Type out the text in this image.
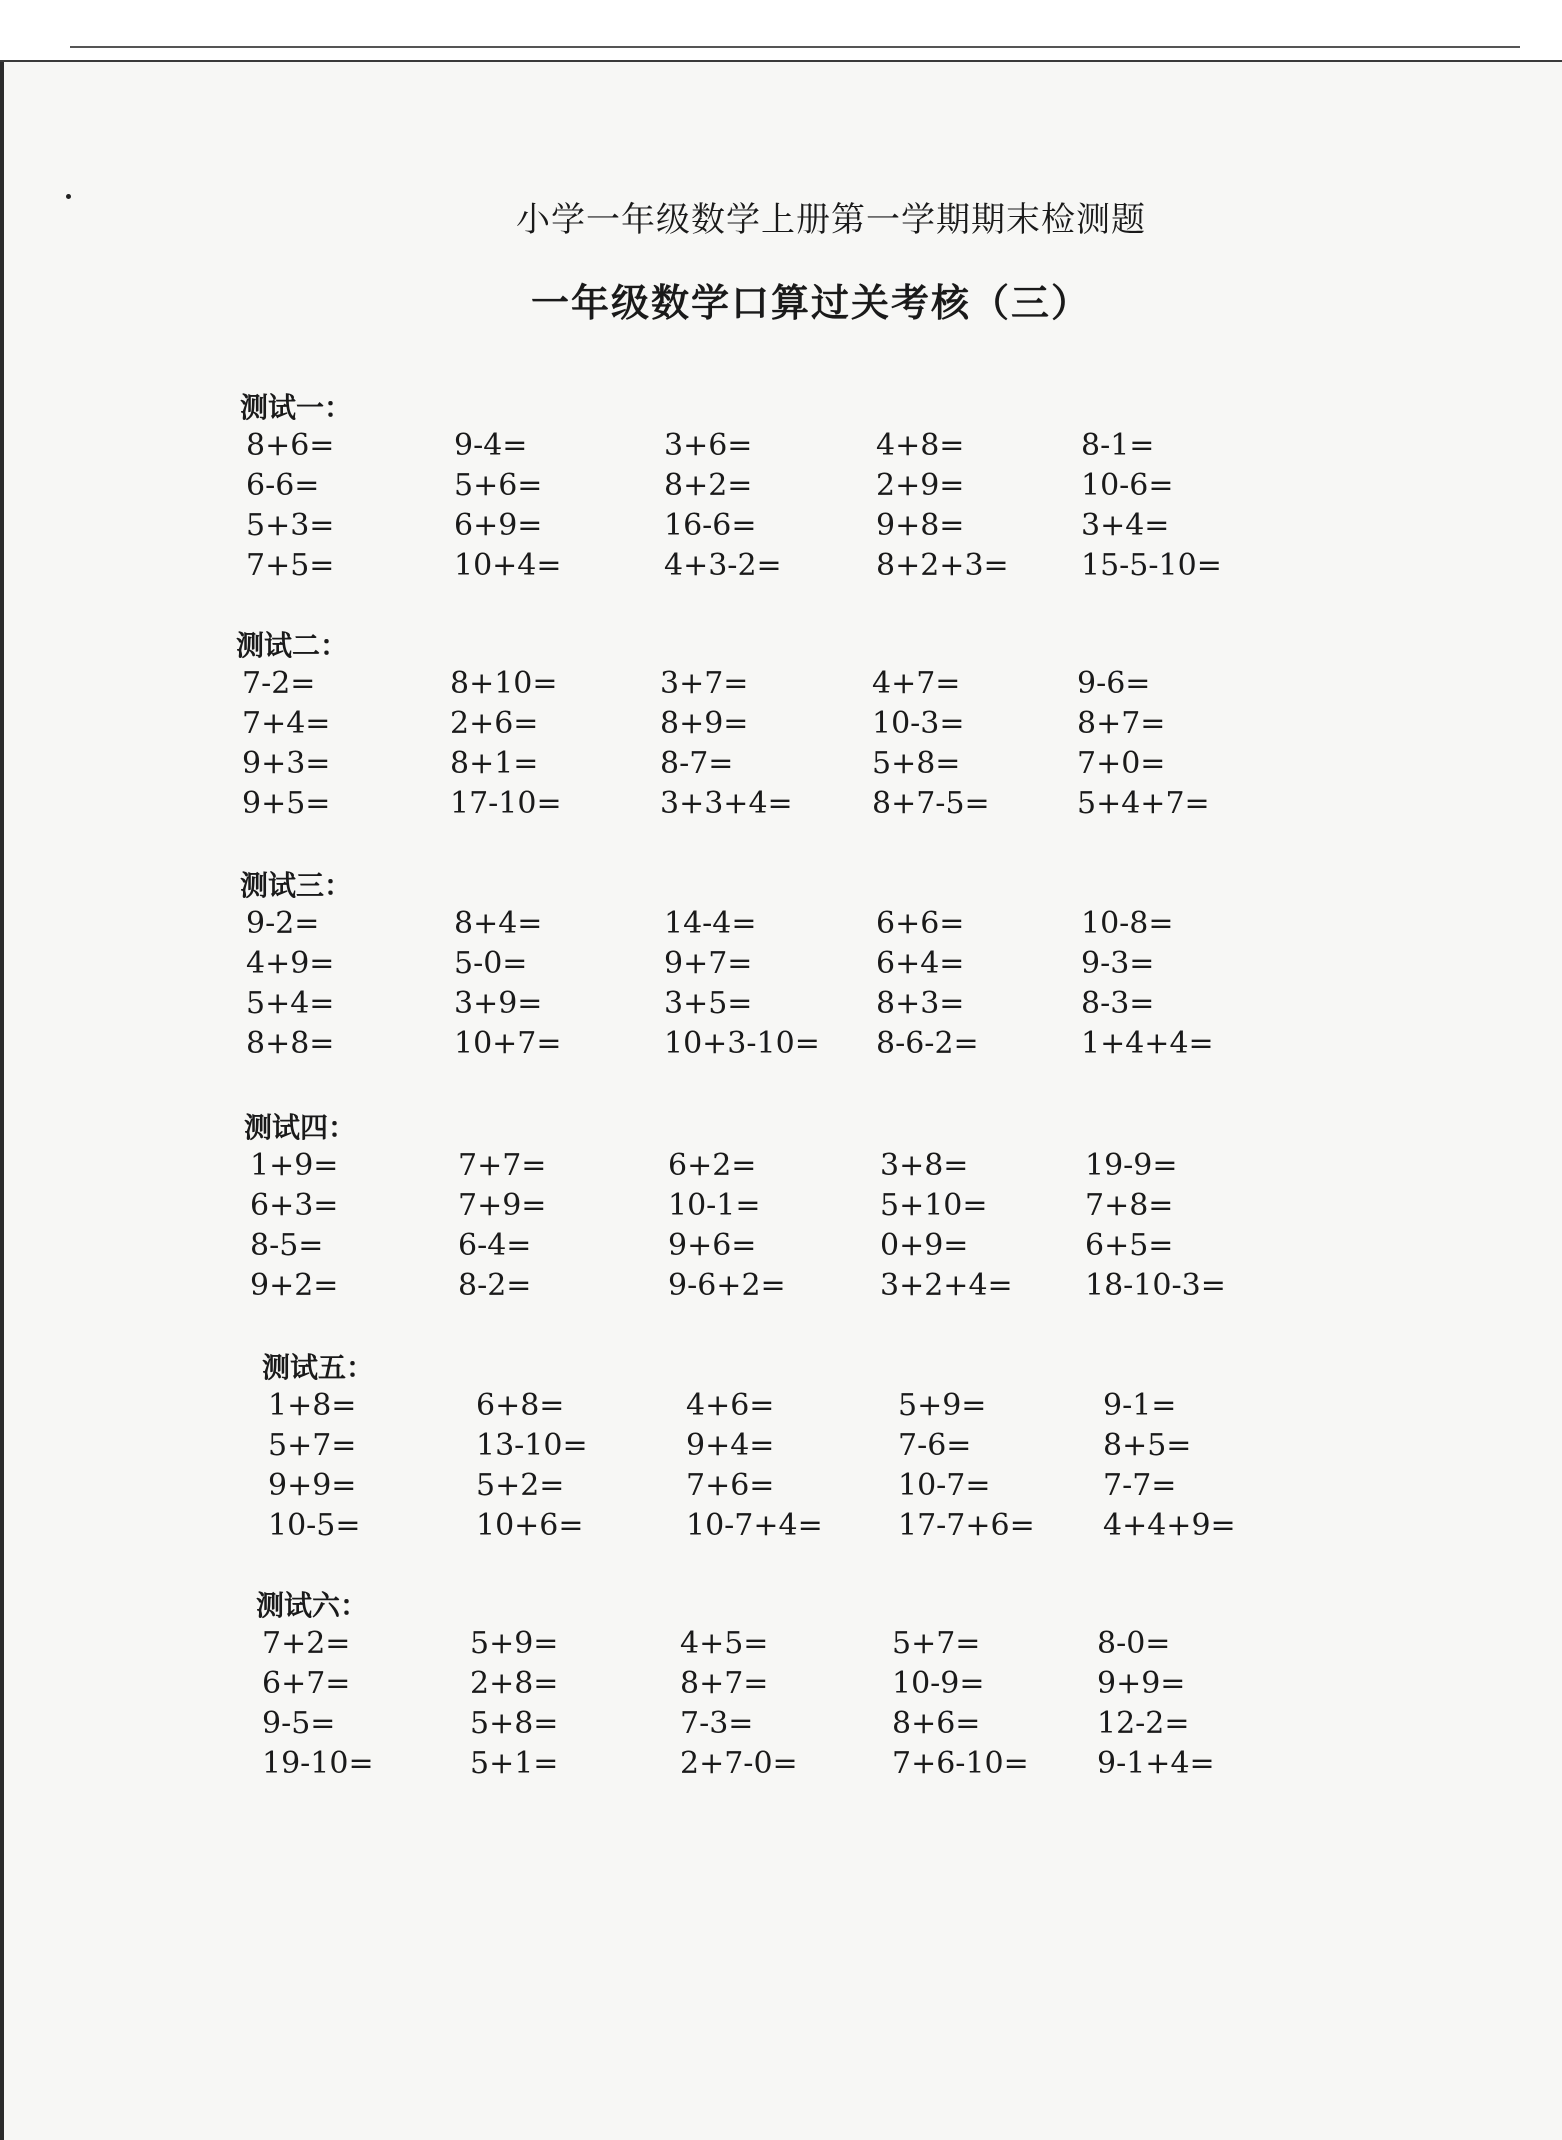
小学一年级数学上册第一学期期末检测题
一年级数学口算过关考核（三）
测试一：
8+6=
6-6=
5+3=
7+5=
9-4=
5+6=
6+9=
10+4=
3+6=
8+2=
16-6=
4+3-2=
4+8=
2+9=
9+8=
8+2+3=
8-1=
10-6=
3+4=
15-5-10=
测试二：
7-2=
7+4=
9+3=
9+5=
8+10=
2+6=
8+1=
17-10=
3+7=
8+9=
8-7=
3+3+4=
4+7=
10-3=
5+8=
8+7-5=
9-6=
8+7=
7+0=
5+4+7=
测试三：
9-2=
4+9=
5+4=
8+8=
8+4=
5-0=
3+9=
10+7=
14-4=
9+7=
3+5=
10+3-10=
6+6=
6+4=
8+3=
8-6-2=
10-8=
9-3=
8-3=
1+4+4=
测试四：
1+9=
6+3=
8-5=
9+2=
7+7=
7+9=
6-4=
8-2=
6+2=
10-1=
9+6=
9-6+2=
3+8=
5+10=
0+9=
3+2+4=
19-9=
7+8=
6+5=
18-10-3=
测试五：
1+8=
5+7=
9+9=
10-5=
6+8=
13-10=
5+2=
10+6=
4+6=
9+4=
7+6=
10-7+4=
5+9=
7-6=
10-7=
17-7+6=
9-1=
8+5=
7-7=
4+4+9=
测试六：
7+2=
6+7=
9-5=
19-10=
5+9=
2+8=
5+8=
5+1=
4+5=
8+7=
7-3=
2+7-0=
5+7=
10-9=
8+6=
7+6-10=
8-0=
9+9=
12-2=
9-1+4=
